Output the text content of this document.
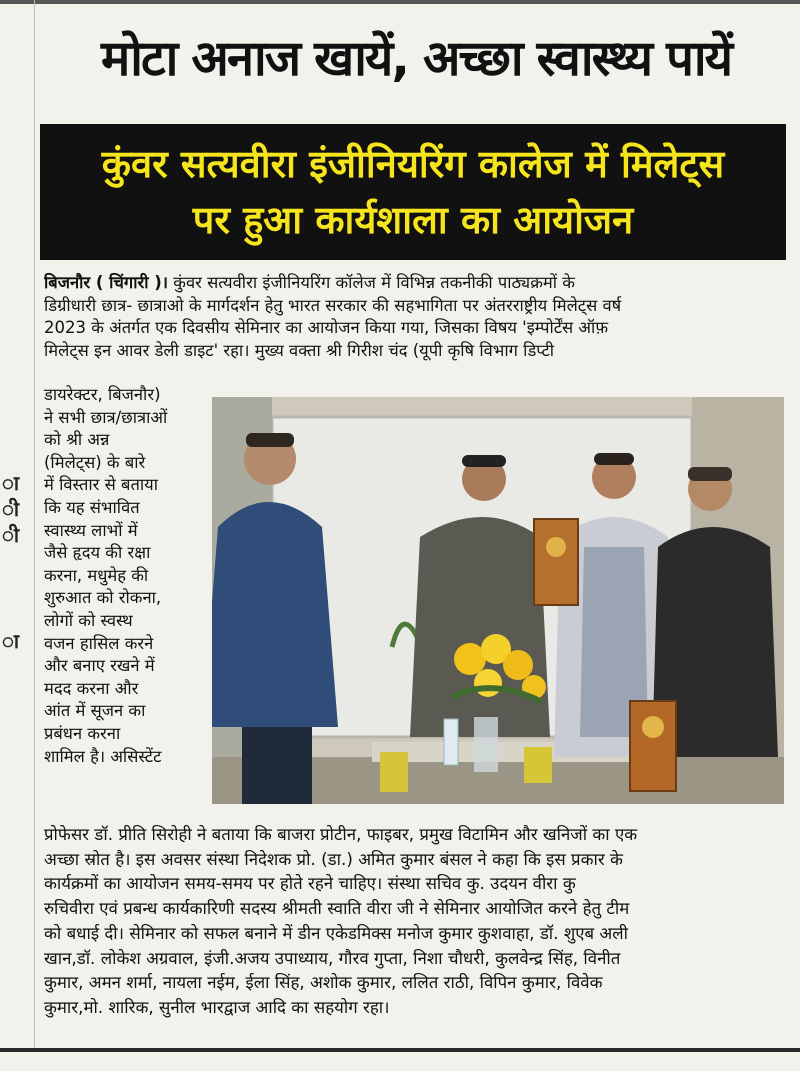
ा
ी
ी
ा
मोटा अनाज खायें, अच्छा स्वास्थ्य पायें
कुंवर सत्यवीरा इंजीनियरिंग कालेज में मिलेट्स
पर हुआ कार्यशाला का आयोजन
बिजनौर ( चिंगारी )। कुंवर सत्यवीरा इंजीनियरिंग कॉलेज में विभिन्न तकनीकी पाठ्यक्रमों के
डिग्रीधारी छात्र- छात्राओ के मार्गदर्शन हेतु भारत सरकार की सहभागिता पर अंतरराष्ट्रीय मिलेट्स वर्ष
2023 के अंतर्गत एक दिवसीय सेमिनार का आयोजन किया गया, जिसका विषय 'इम्पोर्टेंस ऑफ़
मिलेट्स इन आवर डेली डाइट' रहा। मुख्य वक्ता श्री गिरीश चंद (यूपी कृषि विभाग डिप्टी
डायरेक्टर, बिजनौर)
ने सभी छात्र/छात्राओं
को श्री अन्न
(मिलेट्स) के बारे
में विस्तार से बताया
कि यह संभावित
स्वास्थ्य लाभों में
जैसे हृदय की रक्षा
करना, मधुमेह की
शुरुआत को रोकना,
लोगों को स्वस्थ
वजन हासिल करने
और बनाए रखने में
मदद करना और
आंत में सूजन का
प्रबंधन करना
शामिल है। असिस्टेंट
प्रोफेसर डॉ. प्रीति सिरोही ने बताया कि बाजरा प्रोटीन, फाइबर, प्रमुख विटामिन और खनिजों का एक
अच्छा स्रोत है। इस अवसर संस्था निदेशक प्रो. (डा.) अमित कुमार बंसल ने कहा कि इस प्रकार के
कार्यक्रमों का आयोजन समय-समय पर होते रहने चाहिए। संस्था सचिव कु. उदयन वीरा कु
रुचिवीरा एवं प्रबन्ध कार्यकारिणी सदस्य श्रीमती स्वाति वीरा जी ने सेमिनार आयोजित करने हेतु टीम
को बधाई दी। सेमिनार को सफल बनाने में डीन एकेडमिक्स मनोज कुमार कुशवाहा, डॉ. शुएब अली
खान,डॉ. लोकेश अग्रवाल, इंजी.अजय उपाध्याय, गौरव गुप्ता, निशा चौधरी, कुलवेन्द्र सिंह, विनीत
कुमार, अमन शर्मा, नायला नईम, ईला सिंह, अशोक कुमार, ललित राठी, विपिन कुमार, विवेक
कुमार,मो. शारिक, सुनील भारद्वाज आदि का सहयोग रहा।
